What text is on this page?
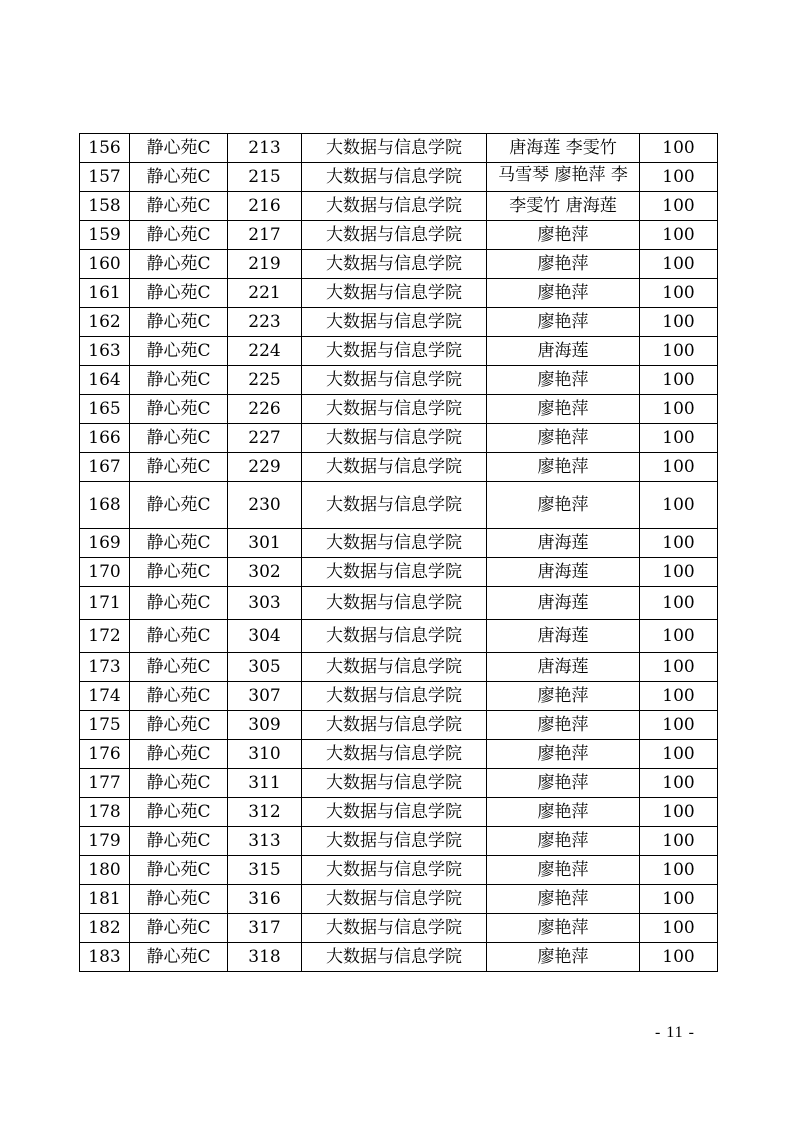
156	静心苑C	213	大数据与信息学院	唐海莲 李雯竹	100
157	静心苑C	215	大数据与信息学院	马雪琴 廖艳萍 李	100
158	静心苑C	216	大数据与信息学院	李雯竹 唐海莲	100
159	静心苑C	217	大数据与信息学院	廖艳萍	100
160	静心苑C	219	大数据与信息学院	廖艳萍	100
161	静心苑C	221	大数据与信息学院	廖艳萍	100
162	静心苑C	223	大数据与信息学院	廖艳萍	100
163	静心苑C	224	大数据与信息学院	唐海莲	100
164	静心苑C	225	大数据与信息学院	廖艳萍	100
165	静心苑C	226	大数据与信息学院	廖艳萍	100
166	静心苑C	227	大数据与信息学院	廖艳萍	100
167	静心苑C	229	大数据与信息学院	廖艳萍	100
168	静心苑C	230	大数据与信息学院	廖艳萍	100
169	静心苑C	301	大数据与信息学院	唐海莲	100
170	静心苑C	302	大数据与信息学院	唐海莲	100
171	静心苑C	303	大数据与信息学院	唐海莲	100
172	静心苑C	304	大数据与信息学院	唐海莲	100
173	静心苑C	305	大数据与信息学院	唐海莲	100
174	静心苑C	307	大数据与信息学院	廖艳萍	100
175	静心苑C	309	大数据与信息学院	廖艳萍	100
176	静心苑C	310	大数据与信息学院	廖艳萍	100
177	静心苑C	311	大数据与信息学院	廖艳萍	100
178	静心苑C	312	大数据与信息学院	廖艳萍	100
179	静心苑C	313	大数据与信息学院	廖艳萍	100
180	静心苑C	315	大数据与信息学院	廖艳萍	100
181	静心苑C	316	大数据与信息学院	廖艳萍	100
182	静心苑C	317	大数据与信息学院	廖艳萍	100
183	静心苑C	318	大数据与信息学院	廖艳萍	100
- 11 -
